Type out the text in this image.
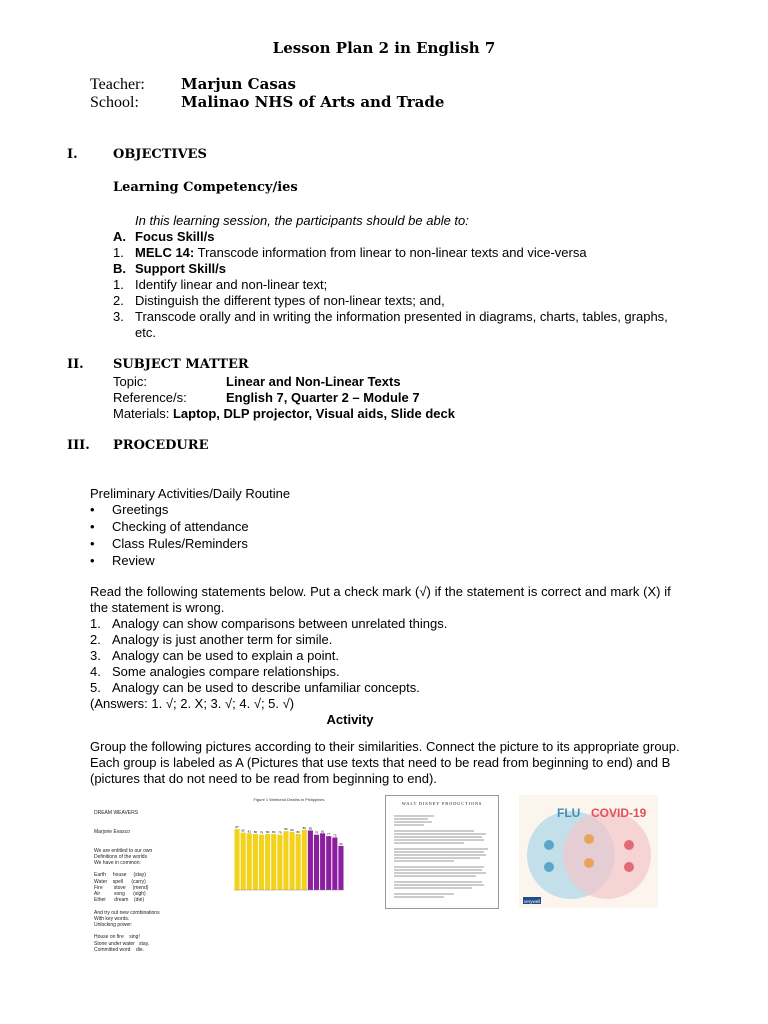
Lesson Plan 2 in English 7
Teacher: Marjun Casas
School:	Malinao NHS of Arts and Trade
I.	OBJECTIVES
Learning Competency/ies
In this learning session, the participants should be able to:
A. Focus Skill/s
1. MELC 14: Transcode information from linear to non-linear texts and vice-versa
B. Support Skill/s
1. Identify linear and non-linear text;
2. Distinguish the different types of non-linear texts; and,
3. Transcode orally and in writing the information presented in diagrams, charts, tables, graphs,
etc.
II. SUBJECT MATTER
Topic:	Linear and Non-Linear Texts
Reference/s:	English 7, Quarter 2 – Module 7
Materials: Laptop, DLP projector, Visual aids, Slide deck
III. PROCEDURE
Preliminary Activities/Daily Routine
• Greetings
• Checking of attendance
• Class Rules/Reminders
• Review
Read the following statements below. Put a check mark (√) if the statement is correct and mark (X) if
the statement is wrong.
1. Analogy can show comparisons between unrelated things.
2. Analogy is just another term for simile.
3. Analogy can be used to explain a point.
4. Some analogies compare relationships.
5. Analogy can be used to describe unfamiliar concepts.
(Answers: 1. √; 2. X; 3. √; 4. √; 5. √)
Activity
Group the following pictures according to their similarities. Connect the picture to its appropriate group.
Each group is labeled as A (Pictures that use texts that need to be read from beginning to end) and B
(pictures that do not need to be read from beginning to end).

DREAM WEAVERS

Marjorie Evasco

We are entitled to our own
Definitions of the worlds
We have in common:

Earth     house     (stay)
Water    spell      (carry)
Fire        stove     (mend)
Air          song      (sigh)
Ether      dream    (die)

And try out new combinations
With key words.
Unlocking power:

House on fire    sing!
Stone under water   stay.
Committed word    die.

Figure 1 Weekend Deaths in Philippines
87
82 81 80 79 80 80 79
84 83
80
86 85
79 81
77 75
63
WALT DISNEY PRODUCTIONS
FLU COVID-19
verywell
